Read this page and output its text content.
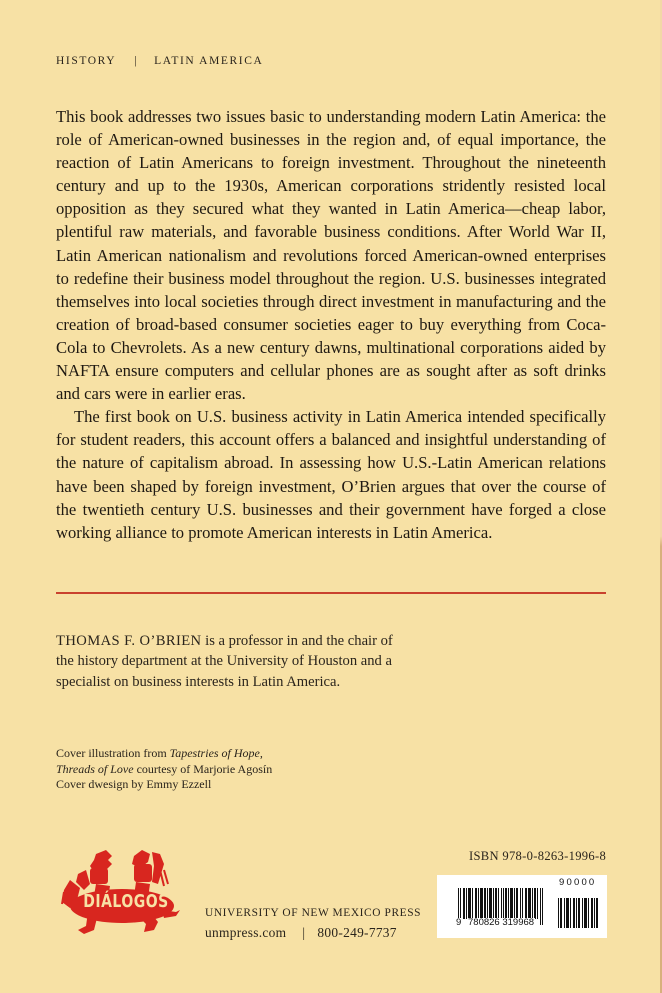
HISTORY | LATIN AMERICA

This book addresses two issues basic to understanding modern Latin America: the role of American-owned businesses in the region and, of equal importance, the reaction of Latin Americans to foreign investment. Throughout the nineteenth century and up to the 1930s, American corporations stridently resisted local opposition as they secured what they wanted in Latin America—cheap labor, plentiful raw materials, and favorable business conditions. After World War II, Latin American nationalism and revolutions forced American-owned enterprises to redefine their business model throughout the region. U.S. businesses integrated themselves into local societies through direct investment in manufacturing and the creation of broad-based consumer societies eager to buy everything from Coca-Cola to Chevrolets. As a new century dawns, multinational corporations aided by NAFTA ensure computers and cellular phones are as sought after as soft drinks and cars were in earlier eras.

The first book on U.S. business activity in Latin America intended specifically for student readers, this account offers a balanced and insightful understanding of the nature of capitalism abroad. In assessing how U.S.-Latin American relations have been shaped by foreign investment, O’Brien argues that over the course of the twentieth century U.S. businesses and their government have forged a close working alliance to promote American interests in Latin America.

THOMAS F. O’BRIEN is a professor in and the chair of the history department at the University of Houston and a specialist on business interests in Latin America.
Cover illustration from Tapestries of Hope,
Threads of Love courtesy of Marjorie Agosín
Cover dwesign by Emmy Ezzell
DIÁLOGOS
UNIVERSITY OF NEW MEXICO PRESS
unmpress.com | 800-249-7737
ISBN 978-0-8263-1996-8
9 780826 319968
90000
